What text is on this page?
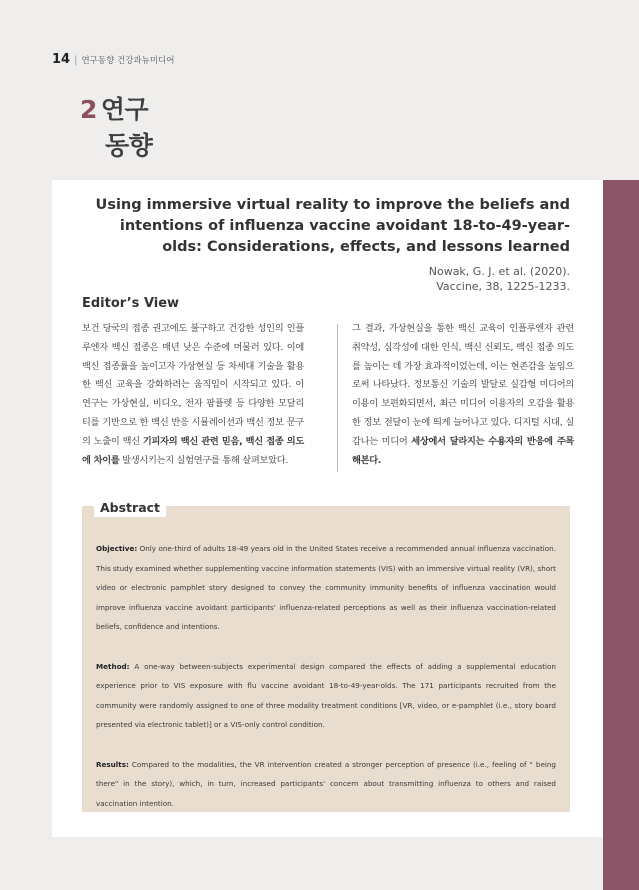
14 | 연구동향 건강과뉴미디어
2 연구
동향
Using immersive virtual reality to improve the beliefs and intentions of influenza vaccine avoidant 18-to-49-year-olds: Considerations, effects, and lessons learned
Nowak, G. J. et al. (2020).
Vaccine, 38, 1225-1233.
Editor’s View
보건 당국의 접종 권고에도 불구하고 건강한 성인의 인플루엔자 백신 접종은 매년 낮은 수준에 머물러 있다. 이에 백신 접종률을 높이고자 가상현실 등 차세대 기술을 활용한 백신 교육을 강화하려는 움직임이 시작되고 있다. 이 연구는 가상현실, 비디오, 전자 팜플렛 등 다양한 모달리티를 기반으로 한 백신 반응 시뮬레이션과 백신 정보 문구의 노출이 백신 기피자의 백신 관련 믿음, 백신 접종 의도에 차이를 발생시키는지 실험연구를 통해 살펴보았다.
그 결과, 가상현실을 통한 백신 교육이 인플루엔자 관련 취약성, 심각성에 대한 인식, 백신 신뢰도, 백신 접종 의도를 높이는 데 가장 효과적이었는데, 이는 현존감을 높임으로써 나타났다. 정보통신 기술의 발달로 실감형 미디어의 이용이 보편화되면서, 최근 미디어 이용자의 오감을 활용한 정보 전달이 눈에 띄게 늘어나고 있다. 디지털 시대, 실감나는 미디어 세상에서 달라지는 수용자의 반응에 주목해본다.
Abstract

Objective: Only one-third of adults 18-49 years old in the United States receive a recommended annual influenza vaccination. This study examined whether supplementing vaccine information statements (VIS) with an immersive virtual reality (VR), short video or electronic pamphlet story designed to convey the community immunity benefits of influenza vaccination would improve influenza vaccine avoidant participants' influenza-related perceptions as well as their influenza vaccination-related beliefs, confidence and intentions.

Method: A one-way between-subjects experimental design compared the effects of adding a supplemental education experience prior to VIS exposure with flu vaccine avoidant 18-to-49-year-olds. The 171 participants recruited from the community were randomly assigned to one of three modality treatment conditions [VR, video, or e-pamphlet (i.e., story board presented via electronic tablet)] or a VIS-only control condition.

Results: Compared to the modalities, the VR intervention created a stronger perception of presence (i.e., feeling of " being there" in the story), which, in turn, increased participants' concern about transmitting influenza to others and raised vaccination intention.
